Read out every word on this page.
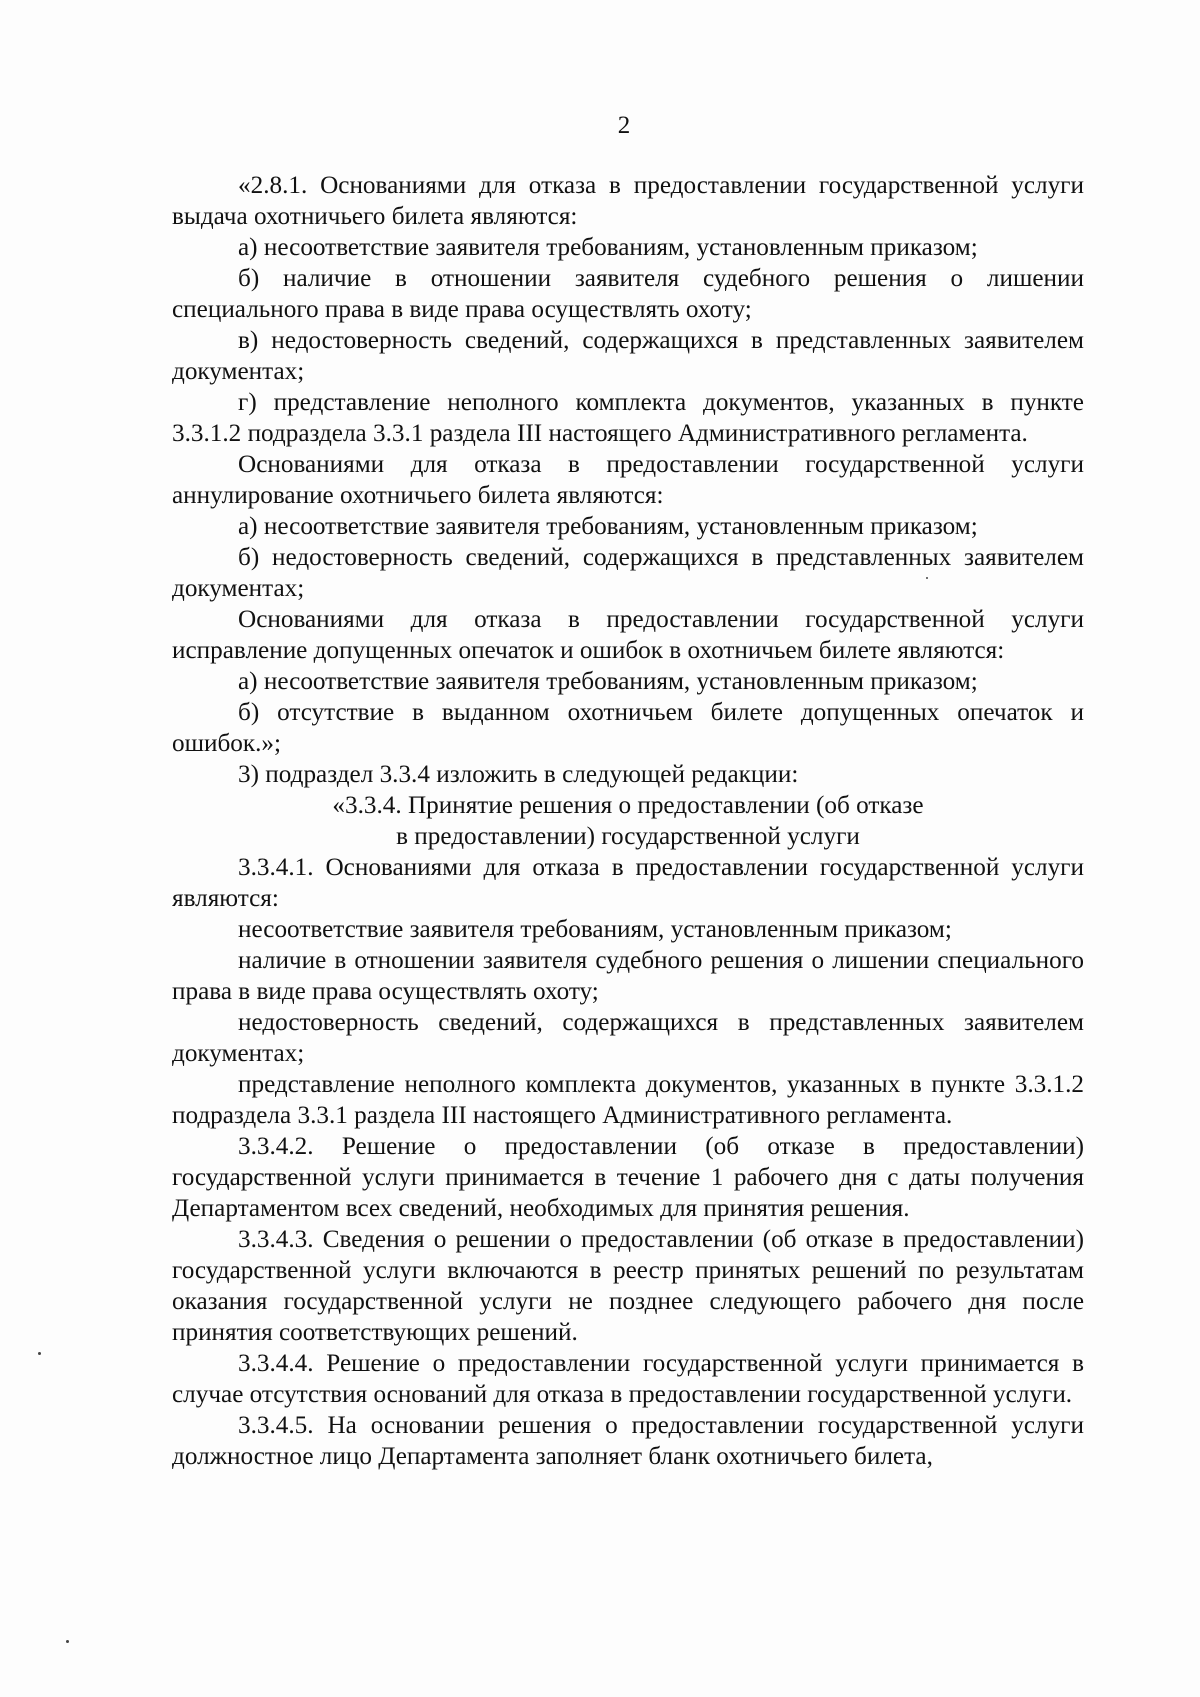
2

«2.8.1. Основаниями для отказа в предоставлении государственной услуги выдача охотничьего билета являются:

а) несоответствие заявителя требованиям, установленным приказом;

б) наличие в отношении заявителя судебного решения о лишении специального права в виде права осуществлять охоту;

в) недостоверность сведений, содержащихся в представленных заявителем документах;

г) представление неполного комплекта документов, указанных в пункте 3.3.1.2 подраздела 3.3.1 раздела III настоящего Административного регламента.

Основаниями для отказа в предоставлении государственной услуги аннулирование охотничьего билета являются:

а) несоответствие заявителя требованиям, установленным приказом;

б) недостоверность сведений, содержащихся в представленных заявителем документах;

Основаниями для отказа в предоставлении государственной услуги исправление допущенных опечаток и ошибок в охотничьем билете являются:

а) несоответствие заявителя требованиям, установленным приказом;

б) отсутствие в выданном охотничьем билете допущенных опечаток и ошибок.»;

3) подраздел 3.3.4 изложить в следующей редакции:

«3.3.4. Принятие решения о предоставлении (об отказе

в предоставлении) государственной услуги

3.3.4.1. Основаниями для отказа в предоставлении государственной услуги являются:

несоответствие заявителя требованиям, установленным приказом;

наличие в отношении заявителя судебного решения о лишении специального права в виде права осуществлять охоту;

недостоверность сведений, содержащихся в представленных заявителем документах;

представление неполного комплекта документов, указанных в пункте 3.3.1.2 подраздела 3.3.1 раздела III настоящего Административного регламента.

3.3.4.2. Решение о предоставлении (об отказе в предоставлении) государственной услуги принимается в течение 1 рабочего дня с даты получения Департаментом всех сведений, необходимых для принятия решения.

3.3.4.3. Сведения о решении о предоставлении (об отказе в предоставлении) государственной услуги включаются в реестр принятых решений по результатам оказания государственной услуги не позднее следующего рабочего дня после принятия соответствующих решений.

3.3.4.4. Решение о предоставлении государственной услуги принимается в случае отсутствия оснований для отказа в предоставлении государственной услуги.

3.3.4.5. На основании решения о предоставлении государственной услуги должностное лицо Департамента заполняет бланк охотничьего билета,
